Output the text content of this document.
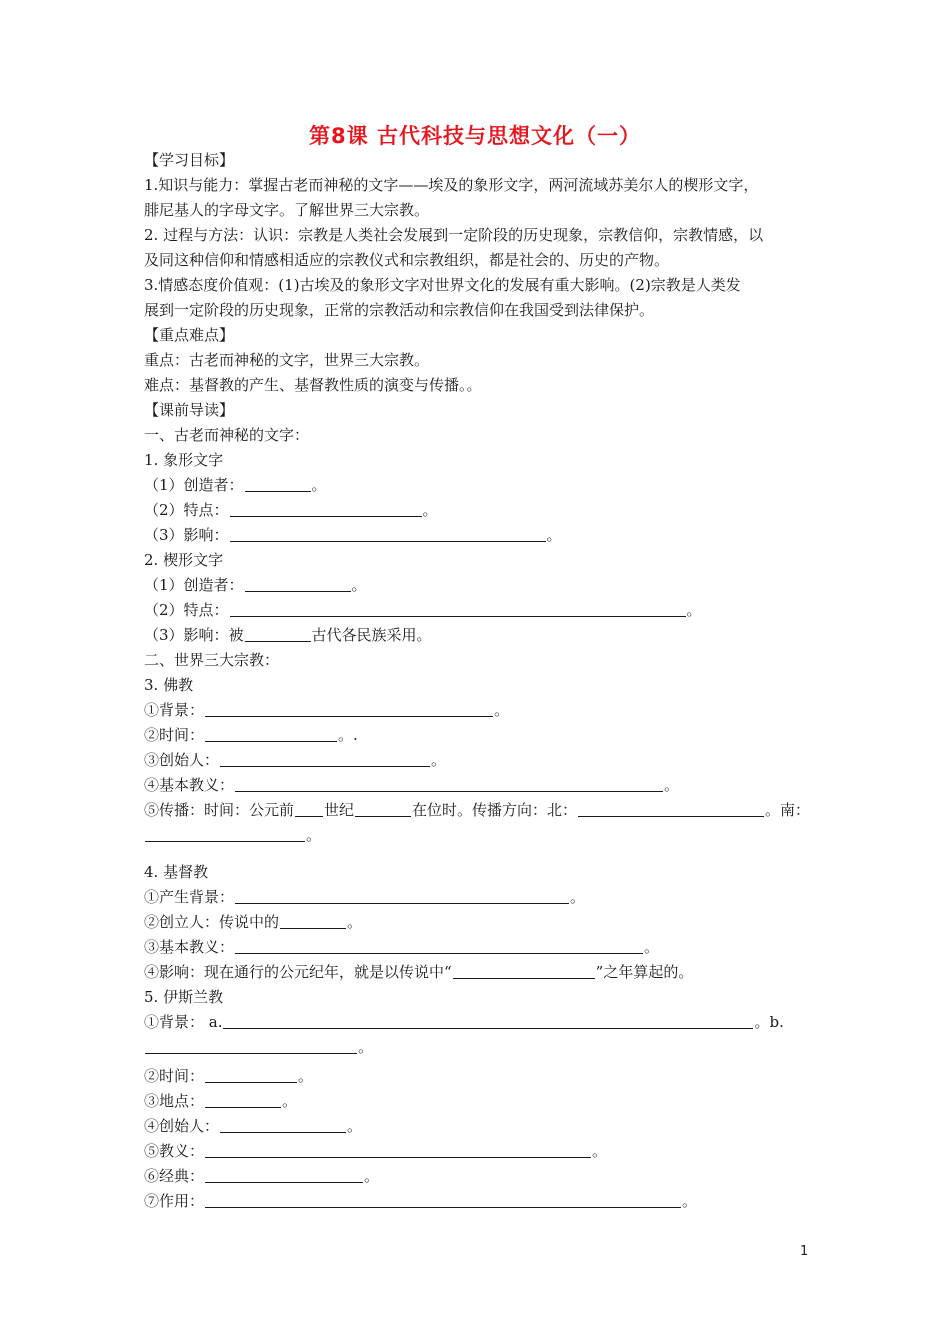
第8课 古代科技与思想文化（一）
【学习目标】
1.知识与能力：掌握古老而神秘的文字——埃及的象形文字，两河流域苏美尔人的楔形文字，
腓尼基人的字母文字。了解世界三大宗教。
2. 过程与方法：认识：宗教是人类社会发展到一定阶段的历史现象，宗教信仰，宗教情感，以
及同这种信仰和情感相适应的宗教仪式和宗教组织，都是社会的、历史的产物。
3.情感态度价值观：(1)古埃及的象形文字对世界文化的发展有重大影响。(2)宗教是人类发
展到一定阶段的历史现象，正常的宗教活动和宗教信仰在我国受到法律保护。
【重点难点】
重点：古老而神秘的文字，世界三大宗教。
难点：基督教的产生、基督教性质的演变与传播。。
【课前导读】
一、古老而神秘的文字：
1. 象形文字
（1）创造者：	。
（2）特点：	。
（3）影响：	。
2. 楔形文字
（1）创造者：	。
（2）特点：	。
（3）影响：被	古代各民族采用。
二、世界三大宗教：
3. 佛教
①背景：	。
②时间：	。.
③创始人：	。
④基本教义：	。
⑤传播：时间：公元前 世纪	在位时。传播方向：北：	。南：
。
4. 基督教
①产生背景：	。
②创立人：传说中的	。
③基本教义：	。
④影响：现在通行的公元纪年，就是以传说中“	”之年算起的。
5. 伊斯兰教
①背景： a.	。b.
。
②时间：	。
③地点：	。
④创始人：	。
⑤教义：	。
⑥经典：	。
⑦作用：	。
1
